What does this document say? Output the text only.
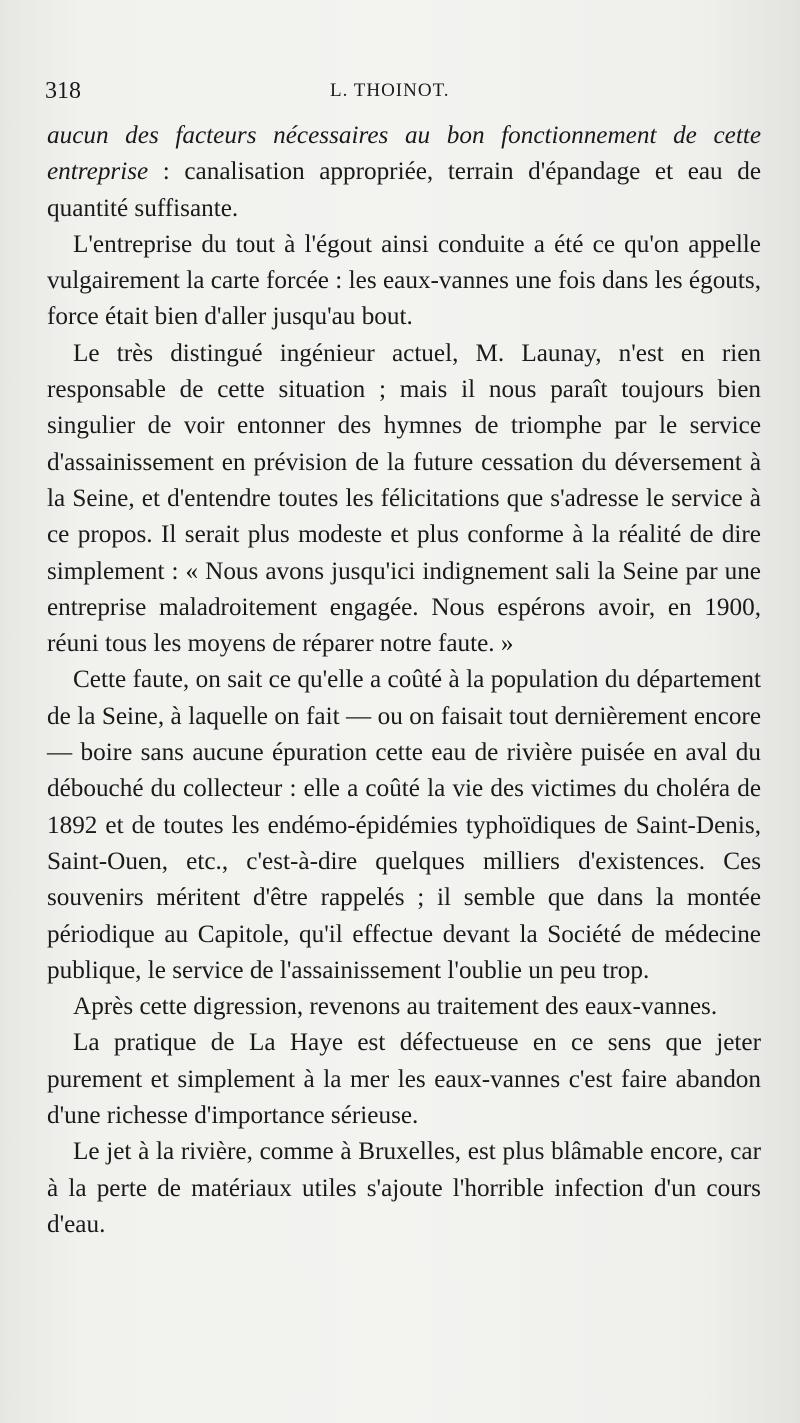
318	L. THOINOT.

aucun des facteurs nécessaires au bon fonctionnement de cette entreprise : canalisation appropriée, terrain d'épandage et eau de quantité suffisante.

L'entreprise du tout à l'égout ainsi conduite a été ce qu'on appelle vulgairement la carte forcée : les eaux-vannes une fois dans les égouts, force était bien d'aller jusqu'au bout.

Le très distingué ingénieur actuel, M. Launay, n'est en rien responsable de cette situation ; mais il nous paraît toujours bien singulier de voir entonner des hymnes de triomphe par le service d'assainissement en prévision de la future cessation du déversement à la Seine, et d'entendre toutes les félicitations que s'adresse le service à ce propos. Il serait plus modeste et plus conforme à la réalité de dire simplement : « Nous avons jusqu'ici indignement sali la Seine par une entreprise maladroitement engagée. Nous espérons avoir, en 1900, réuni tous les moyens de réparer notre faute. »

Cette faute, on sait ce qu'elle a coûté à la population du département de la Seine, à laquelle on fait — ou on faisait tout dernièrement encore — boire sans aucune épuration cette eau de rivière puisée en aval du débouché du collecteur : elle a coûté la vie des victimes du choléra de 1892 et de toutes les endémo-épidémies typhoïdiques de Saint-Denis, Saint-Ouen, etc., c'est-à-dire quelques milliers d'existences. Ces souvenirs méritent d'être rappelés ; il semble que dans la montée périodique au Capitole, qu'il effectue devant la Société de médecine publique, le service de l'assainissement l'oublie un peu trop.

Après cette digression, revenons au traitement des eaux-vannes.

La pratique de La Haye est défectueuse en ce sens que jeter purement et simplement à la mer les eaux-vannes c'est faire abandon d'une richesse d'importance sérieuse.

Le jet à la rivière, comme à Bruxelles, est plus blâmable encore, car à la perte de matériaux utiles s'ajoute l'horrible infection d'un cours d'eau.
